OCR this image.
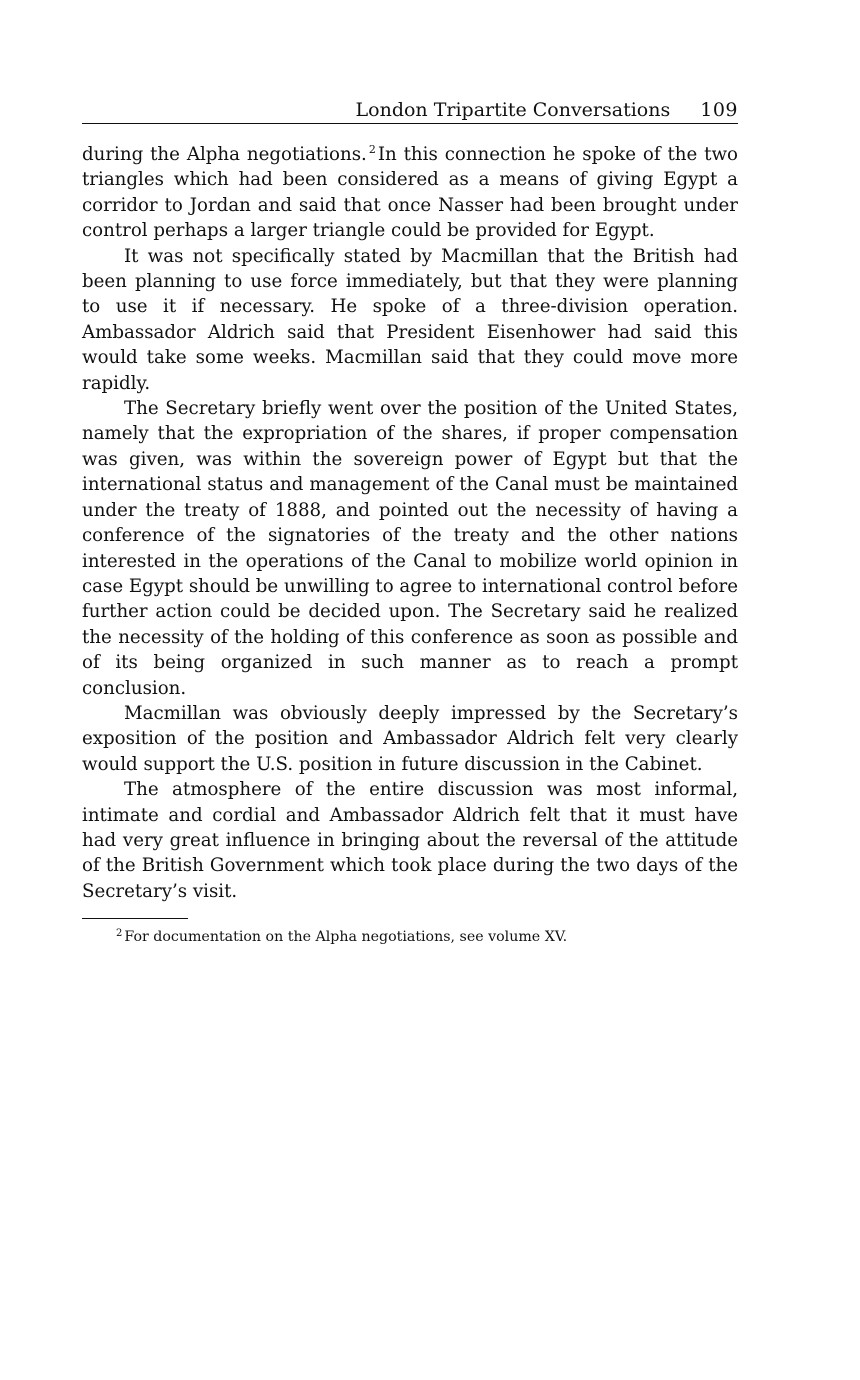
London Tripartite Conversations 109

during the Alpha negotiations. $^2$ In this connection he spoke of the two triangles which had been considered as a means of giving Egypt a corridor to Jordan and said that once Nasser had been brought under control perhaps a larger triangle could be provided for Egypt.

It was not specifically stated by Macmillan that the British had been planning to use force immediately, but that they were planning to use it if necessary. He spoke of a three-division operation. Ambassador Aldrich said that President Eisenhower had said this would take some weeks. Macmillan said that they could move more rapidly.

The Secretary briefly went over the position of the United States, namely that the expropriation of the shares, if proper compensation was given, was within the sovereign power of Egypt but that the international status and management of the Canal must be maintained under the treaty of 1888, and pointed out the necessity of having a conference of the signatories of the treaty and the other nations interested in the operations of the Canal to mobilize world opinion in case Egypt should be unwilling to agree to international control before further action could be decided upon. The Secretary said he realized the necessity of the holding of this conference as soon as possible and of its being organized in such manner as to reach a prompt conclusion.

Macmillan was obviously deeply impressed by the Secretary’s exposition of the position and Ambassador Aldrich felt very clearly would support the U.S. position in future discussion in the Cabinet.

The atmosphere of the entire discussion was most informal, intimate and cordial and Ambassador Aldrich felt that it must have had very great influence in bringing about the reversal of the attitude of the British Government which took place during the two days of the Secretary’s visit.

$^2$ For documentation on the Alpha negotiations, see volume XV.
